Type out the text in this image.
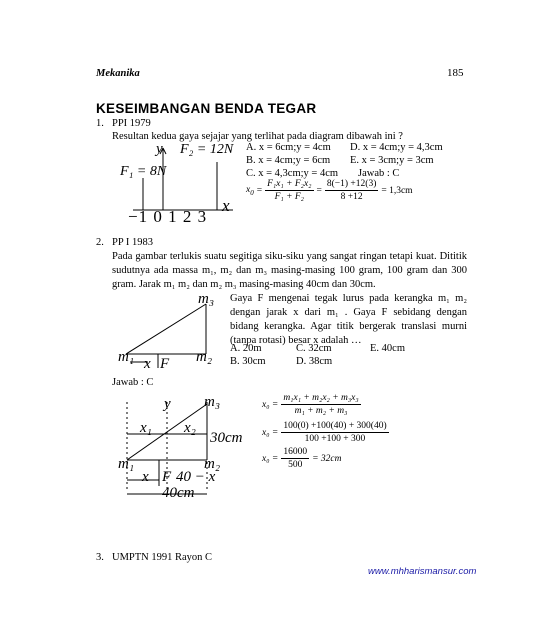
Mekanika	185
KESEIMBANGAN BENDA TEGAR
1. PPI 1979
Resultan kedua gaya sejajar yang terlihat pada diagram dibawah ini ?
y F₂ = 12N
F₁ = 8N
−1 0 1 2 3
x
A. x = 6cm;y = 4cm D. x = 4cm;y = 4,3cm
B. x = 4cm;y = 6cm E. x = 3cm;y = 3cm
C. x = 4,3cm;y = 4cm Jawab : C
$x_0 = \frac{\text{F₁x₁ + F₂x₂}}{\text{F₁ + F₂}} = \frac{8(-1) +12(3)}{8 +12} = 1,3cm$
2. PP I 1983
Pada gambar terlukis suatu segitiga siku-siku yang sangat ringan tetapi kuat. Dititik sudutnya ada massa m₁, m₂ dan m₃ masing-masing 100 gram, 100 gram dan 300 gram. Jarak m₁ m₂ dan m₂ m₃ masing-masing 40cm dan 30cm.
m₃
m₁	m₂
x F
Gaya F mengenai tegak lurus pada kerangka m₁ m₂ dengan jarak x dari m₁ . Gaya F sebidang dengan bidang kerangka. Agar titik bergerak translasi murni (tanpa rotasi) besar x adalah …
A. 20m	C. 32cm	E. 40cm
B. 30cm	D. 38cm
Jawab : C
y m₃
x₁ x₂
30cm
m₁	m₂
x F 40 − x
40cm
$x_0 = \frac{\text{m₁x₁ + m₂x₂ + m₃x₃}}{\text{m₁ + m₂ + m₃}}$
$x_0 = \frac{100(0) +100(40) + 300(40)}{100 +100 + 300}$
$x_0 = \frac{16000}{500} = 32cm$
3. UMPTN 1991 Rayon C
www.mhharismansur.com
